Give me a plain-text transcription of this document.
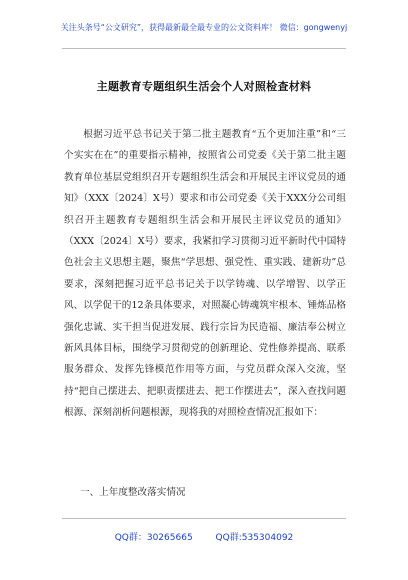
关注头条号“公文研究”，获得最新最全最专业的公文资料库！ 微信：gongwenyj
主题教育专题组织生活会个人对照检查材料

根据习近平总书记关于第二批主题教育“五个更加注重”和“三个实实在在”的重要指示精神，按照省公司党委《关于第二批主题教育单位基层党组织召开专题组织生活会和开展民主评议党员的通知》（XXX〔2024〕X号）要求和市公司党委《关于XXX分公司组织召开主题教育专题组织生活会和开展民主评议党员的通知》（XXX〔2024〕X号）要求，我紧扣学习贯彻习近平新时代中国特色社会主义思想主题，聚焦“学思想、强党性、重实践、建新功”总要求，深刻把握习近平总书记关于以学铸魂、以学增智、以学正风、以学促干的12条具体要求，对照凝心铸魂筑牢根本、锤炼品格强化忠诚、实干担当促进发展、践行宗旨为民造福、廉洁奉公树立新风具体目标，围绕学习贯彻党的创新理论、党性修养提高、联系服务群众、发挥先锋模范作用等方面，与党员群众深入交流，坚持“把自己摆进去、把职责摆进去、把工作摆进去”，深入查找问题根源、深刻剖析问题根源，现将我的对照检查情况汇报如下：

一、上年度整改落实情况

QQ群：30265665	QQ群:535304092
